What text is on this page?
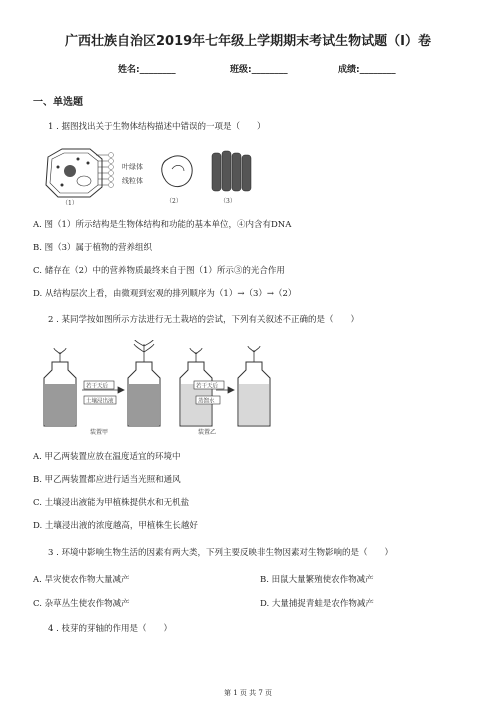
广西壮族自治区2019年七年级上学期期末考试生物试题（I）卷
姓名:________	班级:________	成绩:________
一、单选题
1 . 据图找出关于生物体结构描述中错误的一项是（　　）
叶绿体
线粒体
（1）	（2）	（3）
A. 图（1）所示结构是生物体结构和功能的基本单位，④内含有DNA
B. 图（3）属于植物的营养组织
C. 储存在（2）中的营养物质最终来自于图（1）所示③的光合作用
D. 从结构层次上看，由微观到宏观的排列顺序为（1）→（3）→（2）
2 . 某同学按如图所示方法进行无土栽培的尝试，下列有关叙述不正确的是（　　）
若干天后
土壤浸出液
装置甲
若干天后
蒸馏水
装置乙
A. 甲乙两装置应放在温度适宜的环境中
B. 甲乙两装置都应进行适当光照和通风
C. 土壤浸出液能为甲植株提供水和无机盐
D. 土壤浸出液的浓度越高，甲植株生长越好
3 . 环境中影响生物生活的因素有两大类，下列主要反映非生物因素对生物影响的是（　　）
A. 旱灾使农作物大量减产	B. 田鼠大量繁殖使农作物减产
C. 杂草丛生使农作物减产	D. 大量捕捉青蛙是农作物减产
4 . 枝芽的芽轴的作用是（　　）
第 1 页 共 7 页
